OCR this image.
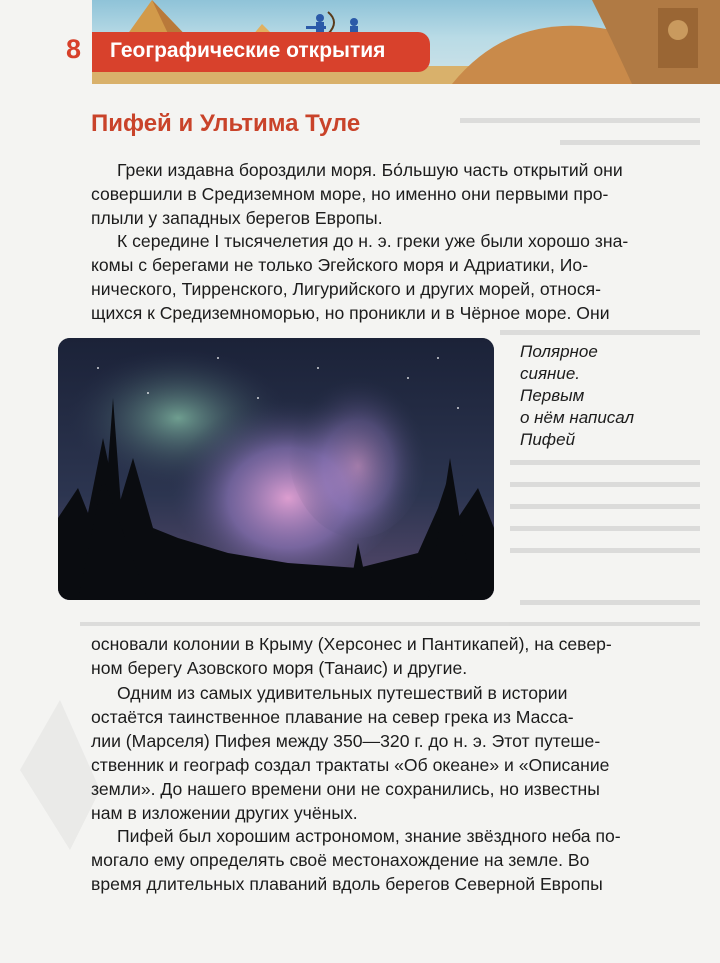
8 Географические открытия
Пифей и Ультима Туле

Греки издавна бороздили моря. Бо́льшую часть открытий они
совершили в Средиземном море, но именно они первыми про-
плыли у западных берегов Европы.

К середине I тысячелетия до н. э. греки уже были хорошо зна-
комы с берегами не только Эгейского моря и Адриатики, Ио-
нического, Тирренского, Лигурийского и других морей, относя-
щихся к Средиземноморью, но проникли и в Чёрное море. Они

Полярное
сияние.
Первым
о нём написал
Пифей

основали колонии в Крыму (Херсонес и Пантикапей), на север-
ном берегу Азовского моря (Танаис) и другие.

Одним из самых удивительных путешествий в истории
остаётся таинственное плавание на север грека из Масса-
лии (Марселя) Пифея между 350—320 г. до н. э. Этот путеше-
ственник и географ создал трактаты «Об океане» и «Описание
земли». До нашего времени они не сохранились, но известны
нам в изложении других учёных.

Пифей был хорошим астрономом, знание звёздного неба по-
могало ему определять своё местонахождение на земле. Во
время длительных плаваний вдоль берегов Северной Европы
